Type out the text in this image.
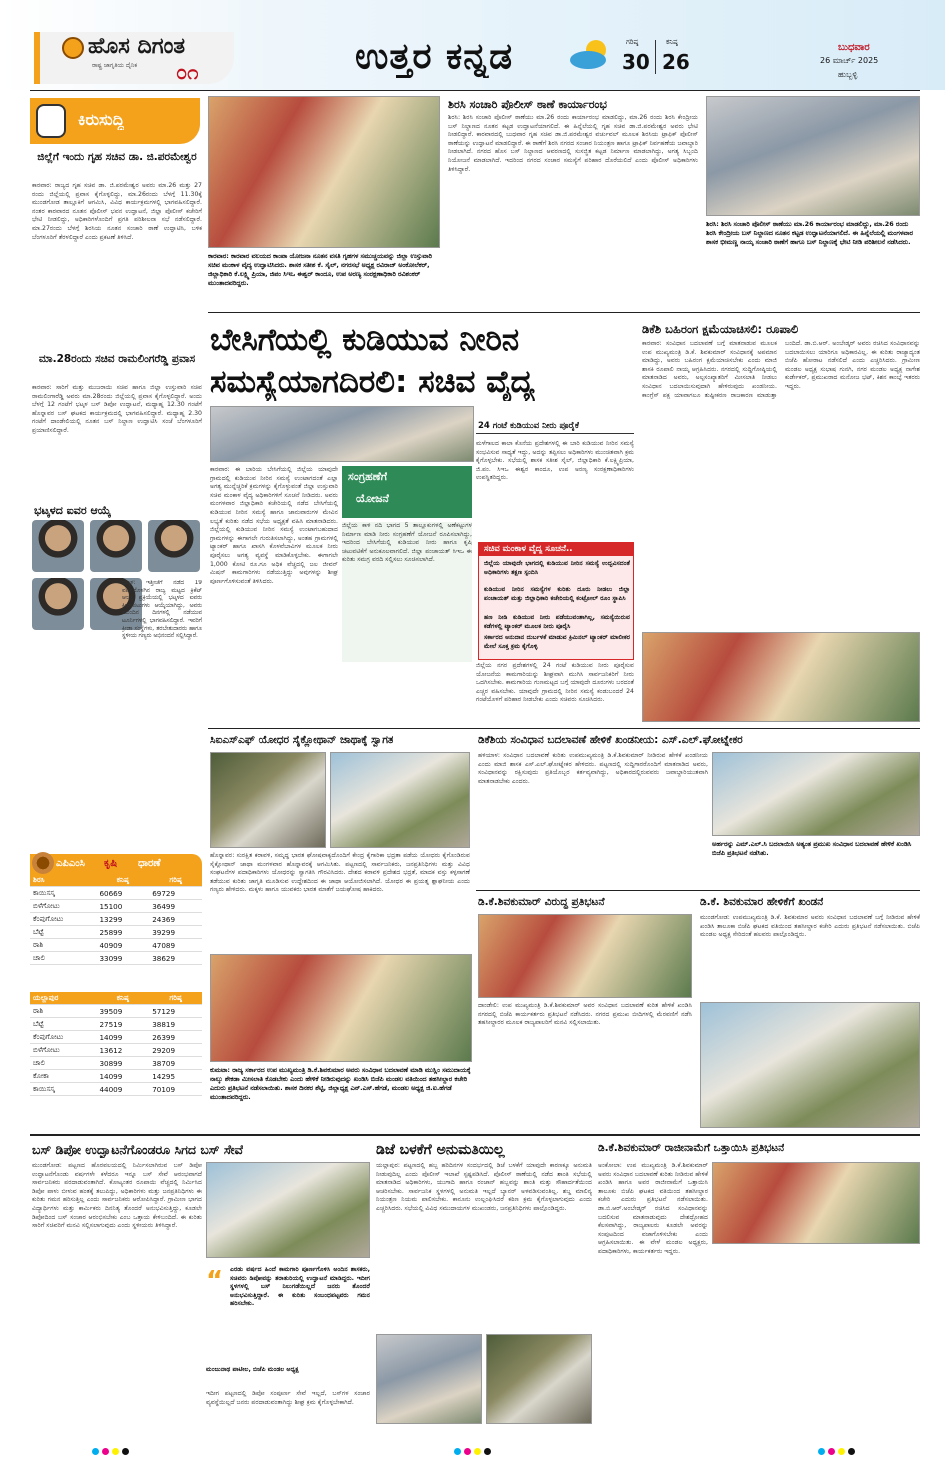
ಹೊಸ ದಿಗಂತ
ರಾಷ್ಟ್ರ ಜಾಗೃತಿಯ ದೈನಿಕ ೦೧	ಉತ್ತರ ಕನ್ನಡ	ಗರಿಷ್ಠ
30
ಕನಿಷ್ಠ
26
ಬುಧವಾರ
26 ಮಾರ್ಚ್ 2025
ಹುಬ್ಬಳ್ಳಿ
ಕಿರುಸುದ್ದಿ
ಜಿಲ್ಲೆಗೆ ಇಂದು ಗೃಹ ಸಚಿವ ಡಾ. ಜಿ.ಪರಮೇಶ್ವರ
ಕಾರವಾರ: ರಾಜ್ಯದ ಗೃಹ ಸಚಿವ ಡಾ. ಜಿ.ಪರಮೇಶ್ವರ ಅವರು ಮಾ.26 ಮತ್ತು 27 ರಂದು ಜಿಲ್ಲೆಯಲ್ಲಿ ಪ್ರವಾಸ ಕೈಗೊಳ್ಳಲಿದ್ದು, ಮಾ.26ರಂದು ಬೆಳಗ್ಗೆ 11.30ಕ್ಕೆ ಮುಂಡಗೋಡ ತಾಲ್ಲೂಕಿಗೆ ಆಗಮಿಸಿ, ವಿವಿಧ ಕಾರ್ಯಕ್ರಮಗಳಲ್ಲಿ ಭಾಗವಹಿಸಲಿದ್ದಾರೆ. ನಂತರ ಕಾರವಾರದ ನೂತನ ಪೊಲೀಸ್ ಭವನ ಉದ್ಘಾಟನೆ, ಜಿಲ್ಲಾ ಪೊಲೀಸ್ ಕಚೇರಿಗೆ ಭೇಟಿ ನೀಡಲಿದ್ದು, ಅಧಿಕಾರಿಗಳೊಂದಿಗೆ ಪ್ರಗತಿ ಪರಿಶೀಲನಾ ಸಭೆ ನಡೆಸಲಿದ್ದಾರೆ. ಮಾ.27ರಂದು ಬೆಳಗ್ಗೆ ಶಿರಸಿಯ ನೂತನ ಸಂಚಾರಿ ಠಾಣೆ ಉದ್ಘಾಟಿಸಿ, ಬಳಿಕ ಬೆಂಗಳೂರಿಗೆ ತೆರಳಲಿದ್ದಾರೆ ಎಂದು ಪ್ರಕಟಣೆ ತಿಳಿಸಿದೆ.
ಮಾ.28ರಂದು ಸಚಿವ ರಾಮಲಿಂಗರೆಡ್ಡಿ ಪ್ರವಾಸ
ಕಾರವಾರ: ಸಾರಿಗೆ ಮತ್ತು ಮುಜರಾಯಿ ಸಚಿವ ಹಾಗೂ ಜಿಲ್ಲಾ ಉಸ್ತುವಾರಿ ಸಚಿವ ರಾಮಲಿಂಗಾರೆಡ್ಡಿ ಅವರು ಮಾ.28ರಂದು ಜಿಲ್ಲೆಯಲ್ಲಿ ಪ್ರವಾಸ ಕೈಗೊಳ್ಳಲಿದ್ದಾರೆ. ಅಂದು ಬೆಳಗ್ಗೆ 12 ಗಂಟೆಗೆ ಭಟ್ಕಳ ಬಸ್ ಡಿಪೋ ಉದ್ಘಾಟನೆ, ಮಧ್ಯಾಹ್ನ 12.30 ಗಂಟೆಗೆ ಹೊನ್ನಾವರ ಬಸ್ ಘಟಕದ ಕಾರ್ಯಕ್ರಮದಲ್ಲಿ ಭಾಗವಹಿಸಲಿದ್ದಾರೆ. ಮಧ್ಯಾಹ್ನ 2.30 ಗಂಟೆಗೆ ದಾಂಡೇಲಿಯಲ್ಲಿ ನೂತನ ಬಸ್ ನಿಲ್ದಾಣ ಉದ್ಘಾಟಿಸಿ ಸಂಜೆ ಬೆಂಗಳೂರಿಗೆ ಪ್ರಯಾಣಿಸಲಿದ್ದಾರೆ.
ಭಟ್ಕಳದ ಐವರ ಆಯ್ಕೆ
ಭಟ್ಕಳ: ಇತ್ತೀಚೆಗೆ ನಡೆದ 19 ವರ್ಷದೊಳಗಿನ ರಾಜ್ಯ ಮಟ್ಟದ ಕ್ರಿಕೆಟ್ ಆಯ್ಕೆ ಪ್ರಕ್ರಿಯೆಯಲ್ಲಿ ಭಟ್ಕಳದ ಐವರು ಕ್ರೀಡಾಪಟುಗಳು ಆಯ್ಕೆಯಾಗಿದ್ದು, ಅವರು ಮುಂದಿನ ದಿನಗಳಲ್ಲಿ ನಡೆಯುವ ಟೂರ್ನಿಗಳಲ್ಲಿ ಭಾಗವಹಿಸಲಿದ್ದಾರೆ. ಇವರಿಗೆ ಕ್ರೀಡಾ ಸಂಸ್ಥೆಗಳು, ತರಬೇತುದಾರರು ಹಾಗೂ ಸ್ಥಳೀಯ ಗಣ್ಯರು ಅಭಿನಂದನೆ ಸಲ್ಲಿಸಿದ್ದಾರೆ.
ಎಪಿಎಂಸಿ ಕೃಷಿ ಧಾರಣೆ
ಶಿರಸಿ	ಕನಿಷ್ಠ	ಗರಿಷ್ಠ
ಕಾಯಿಸಸ್ಕ	60669	69729
ಬಿಳೆಗೋಟು	15100	36499
ಕೆಂಪುಗೋಟು	13299	24369
ಬೆಟ್ಟೆ	25899	39299
ರಾಶಿ	40909	47089
ಚಾಲಿ	33099	38629
ಯಲ್ಲಾಪುರ	ಕನಿಷ್ಠ	ಗರಿಷ್ಠ
ರಾಶಿ	39509	57129
ಬೆಟ್ಟೆ	27519	38819
ಕೆಂಪುಗೋಟು	14099	26399
ಬಿಳೆಗೋಟು	13612	29209
ಚಾಲಿ	30899	38709
ಕೋಕಾ	14099	14295
ಕಾಯಿಸಸ್ಕ	44009	70109
ಕಾರವಾರ: ಕಾರವಾರ ವಲಯದ ಕಾಂಪಾ ಯೋಜನಾ ನೂತನ ವಸತಿ ಗೃಹಗಳ ಸಮುಚ್ಚಯವನ್ನು ಜಿಲ್ಲಾ ಉಸ್ತುವಾರಿ ಸಚಿವ ಮಂಕಾಳ ವೈದ್ಯ ಉದ್ಘಾಟಿಸಿದರು. ಶಾಸಕ ಸತೀಶ ಕೆ. ಸೈಲ್, ನಗರಸಭೆ ಅಧ್ಯಕ್ಷ ರವಿರಾಜ್ ಅಂಕೋಲೆಕರ್, ಜಿಲ್ಲಾಧಿಕಾರಿ ಕೆ.ಲಕ್ಷ್ಮಿ ಪ್ರಿಯಾ, ಜಿಪಂ ಸಿಇಒ ಈಶ್ವರ್ ಕಾಂದೂ, ಉಪ ಅರಣ್ಯ ಸಂರಕ್ಷಣಾಧಿಕಾರಿ ರವಿಶಂಕರ್ ಮುಂತಾದವರಿದ್ದರು.
ಶಿರಸಿ ಸಂಚಾರಿ ಪೊಲೀಸ್ ಠಾಣೆ ಕಾರ್ಯಾರಂಭ
ಶಿರಸಿ: ಶಿರಸಿ ಸಂಚಾರಿ ಪೊಲೀಸ್ ಠಾಣೆಯು ಮಾ.26 ರಂದು ಕಾರ್ಯಾರಂಭ ಮಾಡಲಿದ್ದು, ಮಾ.26 ರಂದು ಶಿರಸಿ ಕೇಂದ್ರೀಯ ಬಸ್ ನಿಲ್ದಾಣದ ನೂತನ ಕಟ್ಟಡ ಉದ್ಘಾಟನೆಯಾಗಲಿದೆ. ಈ ಹಿನ್ನೆಲೆಯಲ್ಲಿ ಗೃಹ ಸಚಿವ ಡಾ.ಜಿ.ಪರಮೇಶ್ವರ ಅವರು ಭೇಟಿ ನೀಡಲಿದ್ದಾರೆ. ಕಾರವಾರದಲ್ಲಿ ಬುಧವಾರ ಗೃಹ ಸಚಿವ ಡಾ.ಜಿ.ಪರಮೇಶ್ವರ ವರ್ಚುವಲ್ ಮೂಲಕ ಶಿರಸಿಯ ಟ್ರಾಫಿಕ್ ಪೊಲೀಸ್ ಠಾಣೆಯನ್ನು ಉದ್ಘಾಟನೆ ಮಾಡಲಿದ್ದಾರೆ. ಈ ಠಾಣೆಗೆ ಶಿರಸಿ ನಗರದ ಸಂಚಾರ ನಿಯಂತ್ರಣ ಹಾಗೂ ಟ್ರಾಫಿಕ್ ನಿರ್ವಹಣೆಯ ಜವಾಬ್ದಾರಿ ನೀಡಲಾಗಿದೆ. ನಗರದ ಹೊಸ ಬಸ್ ನಿಲ್ದಾಣದ ಆವರಣದಲ್ಲಿ ಸುಸಜ್ಜಿತ ಕಟ್ಟಡ ನಿರ್ಮಾಣ ಮಾಡಲಾಗಿದ್ದು, ಅಗತ್ಯ ಸಿಬ್ಬಂದಿ ನಿಯೋಜನೆ ಮಾಡಲಾಗಿದೆ. ಇದರಿಂದ ನಗರದ ಸಂಚಾರ ಸಮಸ್ಯೆಗೆ ಪರಿಹಾರ ದೊರೆಯಲಿದೆ ಎಂದು ಪೊಲೀಸ್ ಅಧಿಕಾರಿಗಳು ತಿಳಿಸಿದ್ದಾರೆ.
ಶಿರಸಿ: ಶಿರಸಿ ಸಂಚಾರಿ ಪೊಲೀಸ್ ಠಾಣೆಯು ಮಾ.26 ಕಾರ್ಯಾರಂಭ ಮಾಡಲಿದ್ದು, ಮಾ.26 ರಂದು ಶಿರಸಿ ಕೇಂದ್ರೀಯ ಬಸ್ ನಿಲ್ದಾಣದ ನೂತನ ಕಟ್ಟಡ ಉದ್ಘಾಟನೆಯಾಗಲಿದೆ. ಈ ಹಿನ್ನೆಲೆಯಲ್ಲಿ ಮಂಗಳವಾರ ಶಾಸಕ ಭೀಮಣ್ಣ ನಾಯ್ಕ ಸಂಚಾರಿ ಠಾಣೆಗೆ ಹಾಗೂ ಬಸ್ ನಿಲ್ದಾಣಕ್ಕೆ ಭೇಟಿ ನೀಡಿ ಪರಿಶೀಲನೆ ನಡೆಸಿದರು.
ಬೇಸಿಗೆಯಲ್ಲಿ ಕುಡಿಯುವ ನೀರಿನ
ಸಮಸ್ಯೆಯಾಗದಿರಲಿ: ಸಚಿವ ವೈದ್ಯ
24 ಗಂಟೆ ಕುಡಿಯುವ ನೀರು ಪೂರೈಕೆ
ಕಾರವಾರ: ಈ ಬಾರಿಯ ಬೇಸಿಗೆಯಲ್ಲಿ ಜಿಲ್ಲೆಯ ಯಾವುದೇ ಗ್ರಾಮದಲ್ಲಿ ಕುಡಿಯುವ ನೀರಿನ ಸಮಸ್ಯೆ ಉಂಟಾಗದಂತೆ ಎಲ್ಲಾ ಅಗತ್ಯ ಮುನ್ನೆಚ್ಚರಿಕೆ ಕ್ರಮಗಳನ್ನು ಕೈಗೊಳ್ಳುವಂತೆ ಜಿಲ್ಲಾ ಉಸ್ತುವಾರಿ ಸಚಿವ ಮಂಕಾಳ ವೈದ್ಯ ಅಧಿಕಾರಿಗಳಿಗೆ ಸೂಚನೆ ನೀಡಿದರು. ಅವರು ಮಂಗಳವಾರ ಜಿಲ್ಲಾಧಿಕಾರಿ ಕಚೇರಿಯಲ್ಲಿ ನಡೆದ ಬೇಸಿಗೆಯಲ್ಲಿ ಕುಡಿಯುವ ನೀರಿನ ಸಮಸ್ಯೆ ಹಾಗೂ ಜಾನುವಾರುಗಳ ಮೇವಿನ ಲಭ್ಯತೆ ಕುರಿತು ನಡೆದ ಸಭೆಯ ಅಧ್ಯಕ್ಷತೆ ವಹಿಸಿ ಮಾತನಾಡಿದರು. ಜಿಲ್ಲೆಯಲ್ಲಿ ಕುಡಿಯುವ ನೀರಿನ ಸಮಸ್ಯೆ ಉಂಟಾಗಬಹುದಾದ ಗ್ರಾಮಗಳನ್ನು ಈಗಾಗಲೇ ಗುರುತಿಸಲಾಗಿದ್ದು, ಅಂತಹ ಗ್ರಾಮಗಳಲ್ಲಿ ಟ್ಯಾಂಕರ್ ಹಾಗೂ ಖಾಸಗಿ ಕೊಳವೆಬಾವಿಗಳ ಮೂಲಕ ನೀರು ಪೂರೈಸಲು ಅಗತ್ಯ ವ್ಯವಸ್ಥೆ ಮಾಡಿಕೊಳ್ಳಬೇಕು. ಈಗಾಗಲೇ 1,000 ಕೋಟಿ ರೂ.ಗೂ ಅಧಿಕ ವೆಚ್ಚದಲ್ಲಿ ಜಲ ಜೀವನ್ ಮಿಷನ್ ಕಾಮಗಾರಿಗಳು ನಡೆಯುತ್ತಿದ್ದು ಅವುಗಳನ್ನು ಶೀಘ್ರ ಪೂರ್ಣಗೊಳಿಸುವಂತೆ ತಿಳಿಸಿದರು.
ಸಂಗ್ರಹಣೆಗೆ
ಯೋಜನೆ
ಜಿಲ್ಲೆಯ ಕಾಳಿ ನದಿ ಭಾಗದ 5 ತಾಲ್ಲೂಕುಗಳಲ್ಲಿ ಅಣೆಕಟ್ಟುಗಳ ನಿರ್ಮಾಣ ಮಾಡಿ ನೀರು ಸಂಗ್ರಹಣೆಗೆ ಯೋಜನೆ ರೂಪಿಸಲಾಗಿದ್ದು, ಇದರಿಂದ ಬೇಸಿಗೆಯಲ್ಲಿ ಕುಡಿಯುವ ನೀರು ಹಾಗೂ ಕೃಷಿ ಚಟುವಟಿಕೆಗೆ ಅನುಕೂಲವಾಗಲಿದೆ. ಜಿಲ್ಲಾ ಪಂಚಾಯತ್ ಸಿಇಒ ಈ ಕುರಿತು ಸಮಗ್ರ ವರದಿ ಸಲ್ಲಿಸಲು ಸೂಚಿಸಲಾಗಿದೆ.
ಮಳೆಗಾಲದ ಕಾಲಾ ಕೊನೆಯ ಪ್ರದೇಶಗಳಲ್ಲಿ ಈ ಬಾರಿ ಕುಡಿಯುವ ನೀರಿನ ಸಮಸ್ಯೆ ಸಂಭವಿಸುವ ಸಾಧ್ಯತೆ ಇದ್ದು, ಅದನ್ನು ತಪ್ಪಿಸಲು ಅಧಿಕಾರಿಗಳು ಮುಂಚಿತವಾಗಿ ಕ್ರಮ ಕೈಗೊಳ್ಳಬೇಕು. ಸಭೆಯಲ್ಲಿ ಶಾಸಕ ಸತೀಶ ಸೈಲ್, ಜಿಲ್ಲಾಧಿಕಾರಿ ಕೆ.ಲಕ್ಷ್ಮಿಪ್ರಿಯಾ, ಜಿ.ಪಂ. ಸಿಇಒ ಈಶ್ವರ ಕಾಂದೂ, ಉಪ ಅರಣ್ಯ ಸಂರಕ್ಷಣಾಧಿಕಾರಿಗಳು ಉಪಸ್ಥಿತರಿದ್ದರು.
ಜಿಲ್ಲೆಯ ನಗರ ಪ್ರದೇಶಗಳಲ್ಲಿ 24 ಗಂಟೆ ಕುಡಿಯುವ ನೀರು ಪೂರೈಸುವ ಯೋಜನೆಯ ಕಾಮಗಾರಿಯನ್ನು ಶೀಘ್ರವಾಗಿ ಮುಗಿಸಿ ಸಾರ್ವಜನಿಕರಿಗೆ ನೀರು ಒದಗಿಸಬೇಕು. ಕಾಮಗಾರಿಯ ಗುಣಮಟ್ಟದ ಬಗ್ಗೆ ಯಾವುದೇ ದೂರುಗಳು ಬರದಂತೆ ಎಚ್ಚರ ವಹಿಸಬೇಕು. ಯಾವುದೇ ಗ್ರಾಮದಲ್ಲಿ ನೀರಿನ ಸಮಸ್ಯೆ ಕಂಡುಬಂದರೆ 24 ಗಂಟೆಯೊಳಗೆ ಪರಿಹಾರ ನೀಡಬೇಕು ಎಂದು ಸಚಿವರು ಸೂಚಿಸಿದರು.
ಸಚಿವ ಮಂಕಾಳ ವೈದ್ಯ ಸೂಚನೆ..
ಜಿಲ್ಲೆಯ ಯಾವುದೇ ಭಾಗದಲ್ಲಿ ಕುಡಿಯುವ ನೀರಿನ ಸಮಸ್ಯೆ ಉದ್ಭವಿಸದಂತೆ ಅಧಿಕಾರಿಗಳು ತಕ್ಷಣ ಸ್ಪಂದಿಸಿ
ಕುಡಿಯುವ ನೀರಿನ ಸಮಸ್ಯೆಗಳ ಕುರಿತು ದೂರು ನೀಡಲು ಜಿಲ್ಲಾ ಪಂಚಾಯತ್ ಮತ್ತು ಜಿಲ್ಲಾಧಿಕಾರಿ ಕಚೇರಿಯಲ್ಲಿ ಕಂಟ್ರೋಲ್ ರೂಂ ಸ್ಥಾಪಿಸಿ
ಹಣ ನೀಡಿ ಕುಡಿಯುವ ನೀರು ಪಡೆಯುವಂತಾಗಿಲ್ಲ, ಸಮಸ್ಯೆಯಿರುವ ಕಡೆಗಳಲ್ಲಿ ಟ್ಯಾಂಕರ್ ಮೂಲಕ ನೀರು ಪೂರೈಸಿ
ಸರ್ಕಾರದ ಅನುದಾನ ದುರ್ಬಳಕೆ ಮಾಡುವ ಕ್ರಿಮಿನಲ್ ಟ್ಯಾಂಕರ್ ಮಾಲೀಕರ ಮೇಲೆ ಸೂಕ್ತ ಕ್ರಮ ಕೈಗೊಳ್ಳಿ
ಡಿಕೆಶಿ ಬಹಿರಂಗ ಕ್ಷಮೆಯಾಚಿಸಲಿ: ರೂಪಾಲಿ
ಕಾರವಾರ: ಸಂವಿಧಾನ ಬದಲಾವಣೆ ಬಗ್ಗೆ ಮಾತನಾಡುವ ಮೂಲಕ ಉಪ ಮುಖ್ಯಮಂತ್ರಿ ಡಿ.ಕೆ. ಶಿವಕುಮಾರ್ ಸಂವಿಧಾನಕ್ಕೆ ಅಪಮಾನ ಮಾಡಿದ್ದು, ಅವರು ಬಹಿರಂಗ ಕ್ಷಮೆಯಾಚಿಸಬೇಕು ಎಂದು ಮಾಜಿ ಶಾಸಕಿ ರೂಪಾಲಿ ನಾಯ್ಕ ಆಗ್ರಹಿಸಿದರು. ನಗರದಲ್ಲಿ ಸುದ್ದಿಗೋಷ್ಠಿಯಲ್ಲಿ ಮಾತನಾಡಿದ ಅವರು, ಅಲ್ಪಸಂಖ್ಯಾತರಿಗೆ ಮೀಸಲಾತಿ ನೀಡಲು ಸಂವಿಧಾನ ಬದಲಾಯಿಸುವುದಾಗಿ ಹೇಳಿರುವುದು ಖಂಡನೀಯ. ಕಾಂಗ್ರೆಸ್ ಪಕ್ಷ ಯಾವಾಗಲೂ ತುಷ್ಟೀಕರಣ ರಾಜಕಾರಣ ಮಾಡುತ್ತಾ ಬಂದಿದೆ. ಡಾ.ಬಿ.ಆರ್. ಅಂಬೇಡ್ಕರ್ ಅವರು ರಚಿಸಿದ ಸಂವಿಧಾನವನ್ನು ಬದಲಾಯಿಸಲು ಯಾರಿಗೂ ಅಧಿಕಾರವಿಲ್ಲ. ಈ ಕುರಿತು ರಾಜ್ಯಾದ್ಯಂತ ಬಿಜೆಪಿ ಹೋರಾಟ ನಡೆಸಲಿದೆ ಎಂದು ಎಚ್ಚರಿಸಿದರು. ಗ್ರಾಮೀಣ ಮಂಡಲ ಅಧ್ಯಕ್ಷ ಸುಭಾಷ ಗುನಗಿ, ನಗರ ಮಂಡಲ ಅಧ್ಯಕ್ಷ ನಾಗೇಶ ಕುರ್ಡೇಕರ್, ಪ್ರಮುಖರಾದ ಮನೋಜ ಭಟ್, ಕಿಶನ ಕಾಂಬ್ಳೆ ಇತರರು ಇದ್ದರು.
ಸಿಐಎಸ್‌ಎಫ್ ಯೋಧರ ಸೈಕ್ಲೋಥಾನ್ ಜಾಥಾಕ್ಕೆ ಸ್ವಾಗತ
ಹೊನ್ನಾವರ: ಸುರಕ್ಷಿತ ಕರಾವಳಿ, ಸಮೃದ್ಧ ಭಾರತ ಘೋಷವಾಕ್ಯದೊಂದಿಗೆ ಕೇಂದ್ರ ಕೈಗಾರಿಕಾ ಭದ್ರತಾ ಪಡೆಯ ಯೋಧರು ಕೈಗೊಂಡಿರುವ ಸೈಕ್ಲೋಥಾನ್ ಜಾಥಾ ಮಂಗಳವಾರ ಹೊನ್ನಾವರಕ್ಕೆ ಆಗಮಿಸಿತು. ಪಟ್ಟಣದಲ್ಲಿ ಸಾರ್ವಜನಿಕರು, ಜನಪ್ರತಿನಿಧಿಗಳು ಮತ್ತು ವಿವಿಧ ಸಂಘಟನೆಗಳ ಪದಾಧಿಕಾರಿಗಳು ಯೋಧರನ್ನು ಸ್ವಾಗತಿಸಿ ಗೌರವಿಸಿದರು. ದೇಶದ ಕರಾವಳಿ ಪ್ರದೇಶದ ಭದ್ರತೆ, ಮಾದಕ ವಸ್ತು ಕಳ್ಳಸಾಗಣೆ ತಡೆಯುವ ಕುರಿತು ಜಾಗೃತಿ ಮೂಡಿಸುವ ಉದ್ದೇಶದಿಂದ ಈ ಜಾಥಾ ಆಯೋಜಿಸಲಾಗಿದೆ. ಯೋಧರ ಈ ಪ್ರಯತ್ನ ಶ್ಲಾಘನೀಯ ಎಂದು ಗಣ್ಯರು ಹೇಳಿದರು. ಮಕ್ಕಳು ಹಾಗೂ ಯುವಕರು ಭಾರತ ಮಾತೆಗೆ ಜಯಘೋಷ ಹಾಕಿದರು.
ಡಿಕೆಶಿಯ ಸಂವಿಧಾನ ಬದಲಾವಣೆ ಹೇಳಿಕೆ ಖಂಡನೀಯ: ಎಸ್.ಎಲ್.ಘೋಟ್ನೇಕರ
ಹಳಿಯಾಳ: ಸಂವಿಧಾನ ಬದಲಾವಣೆ ಕುರಿತು ಉಪಮುಖ್ಯಮಂತ್ರಿ ಡಿ.ಕೆ.ಶಿವಕುಮಾರ್ ನೀಡಿರುವ ಹೇಳಿಕೆ ಖಂಡನೀಯ ಎಂದು ಮಾಜಿ ಶಾಸಕ ಎಸ್.ಎಲ್.ಘೋಟ್ನೇಕರ ಹೇಳಿದರು. ಪಟ್ಟಣದಲ್ಲಿ ಸುದ್ದಿಗಾರರೊಂದಿಗೆ ಮಾತನಾಡಿದ ಅವರು, ಸಂವಿಧಾನವನ್ನು ರಕ್ಷಿಸುವುದು ಪ್ರತಿಯೊಬ್ಬರ ಕರ್ತವ್ಯವಾಗಿದ್ದು, ಅಧಿಕಾರದಲ್ಲಿರುವವರು ಜವಾಬ್ದಾರಿಯುತವಾಗಿ ಮಾತನಾಡಬೇಕು ಎಂದರು.
ಅರ್ಹರನ್ನು ಎಮ್.ಎಲ್.ಸಿ ಬದಲಾಯಿಸಿ ಅತ್ಯಂತ ಪ್ರಮುಖ ಸಂವಿಧಾನ ಬದಲಾವಣೆ ಹೇಳಿಕೆ ಖಂಡಿಸಿ ಬಿಜೆಪಿ ಪ್ರತಿಭಟನೆ ನಡೆಸಿತು.
ಡಿ.ಕೆ.ಶಿವಕುಮಾರ್ ವಿರುದ್ಧ ಪ್ರತಿಭಟನೆ
ದಾಂಡೇಲಿ: ಉಪ ಮುಖ್ಯಮಂತ್ರಿ ಡಿ.ಕೆ.ಶಿವಕುಮಾರ್ ಅವರ ಸಂವಿಧಾನ ಬದಲಾವಣೆ ಕುರಿತ ಹೇಳಿಕೆ ಖಂಡಿಸಿ ನಗರದಲ್ಲಿ ಬಿಜೆಪಿ ಕಾರ್ಯಕರ್ತರು ಪ್ರತಿಭಟನೆ ನಡೆಸಿದರು. ನಗರದ ಪ್ರಮುಖ ಬೀದಿಗಳಲ್ಲಿ ಮೆರವಣಿಗೆ ನಡೆಸಿ ತಹಸೀಲ್ದಾರರ ಮೂಲಕ ರಾಜ್ಯಪಾಲರಿಗೆ ಮನವಿ ಸಲ್ಲಿಸಲಾಯಿತು.
ಡಿ.ಕೆ. ಶಿವಕುಮಾರ ಹೇಳಿಕೆಗೆ ಖಂಡನೆ
ಮುಂಡಗೋಡ: ಉಪಮುಖ್ಯಮಂತ್ರಿ ಡಿ.ಕೆ. ಶಿವಕುಮಾರ ಅವರು ಸಂವಿಧಾನ ಬದಲಾವಣೆ ಬಗ್ಗೆ ನೀಡಿರುವ ಹೇಳಿಕೆ ಖಂಡಿಸಿ ತಾಲೂಕಾ ಬಿಜೆಪಿ ಘಟಕದ ವತಿಯಿಂದ ತಹಸೀಲ್ದಾರ ಕಚೇರಿ ಎದುರು ಪ್ರತಿಭಟನೆ ನಡೆಸಲಾಯಿತು. ಬಿಜೆಪಿ ಮಂಡಲ ಅಧ್ಯಕ್ಷ ಸೇರಿದಂತೆ ಹಲವರು ಪಾಲ್ಗೊಂಡಿದ್ದರು.
ಕುಮಟಾ: ರಾಜ್ಯ ಸರ್ಕಾರದ ಉಪ ಮುಖ್ಯಮಂತ್ರಿ ಡಿ.ಕೆ.ಶಿವಕುಮಾರ ಅವರು ಸಂವಿಧಾನ ಬದಲಾವಣೆ ಮಾಡಿ ಮುಸ್ಲಿಂ ಸಮುದಾಯಕ್ಕೆ ನಾಲ್ಕು ಶೇಕಡಾ ಮೀಸಲಾತಿ ಕೊಡಬೇಕು ಎಂದು ಹೇಳಿಕೆ ನೀಡಿರುವುದನ್ನು ಖಂಡಿಸಿ ಬಿಜೆಪಿ ಮಂಡಲ ವತಿಯಿಂದ ತಹಸೀಲ್ದಾರ ಕಚೇರಿ ಎದುರು ಪ್ರತಿಭಟನೆ ನಡೆಸಲಾಯಿತು. ಶಾಸಕ ದಿನಕರ ಶೆಟ್ಟಿ, ಜಿಲ್ಲಾಧ್ಯಕ್ಷ ಎನ್.ಎಸ್.ಹೆಗಡೆ, ಮಂಡಲ ಅಧ್ಯಕ್ಷ ಜಿ.ಐ.ಹೆಗಡೆ ಮುಂತಾದವರಿದ್ದರು.
ಬಸ್ ಡಿಪೋ ಉದ್ಘಾಟನೆಗೊಂಡರೂ ಸಿಗದ ಬಸ್ ಸೇವೆ
ಮುಂಡಗೋಡ: ಪಟ್ಟಣದ ಹೊರವಲಯದಲ್ಲಿ ನಿರ್ಮಿಸಲಾಗಿರುವ ಬಸ್ ಡಿಪೋ ಉದ್ಘಾಟನೆಗೊಂಡು ವರ್ಷಗಳೇ ಕಳೆದರೂ ಇನ್ನೂ ಬಸ್ ಸೇವೆ ಆರಂಭವಾಗದೆ ಸಾರ್ವಜನಿಕರು ಪರದಾಡುವಂತಾಗಿದೆ. ಕೋಟ್ಯಂತರ ರೂಪಾಯಿ ವೆಚ್ಚದಲ್ಲಿ ನಿರ್ಮಿಸಿದ ಡಿಪೋ ಪಾಳು ಬೀಳುವ ಹಂತಕ್ಕೆ ತಲುಪಿದ್ದು, ಅಧಿಕಾರಿಗಳು ಮತ್ತು ಜನಪ್ರತಿನಿಧಿಗಳು ಈ ಕುರಿತು ಗಮನ ಹರಿಸುತ್ತಿಲ್ಲ ಎಂದು ಸಾರ್ವಜನಿಕರು ಆರೋಪಿಸಿದ್ದಾರೆ. ಗ್ರಾಮೀಣ ಭಾಗದ ವಿದ್ಯಾರ್ಥಿಗಳು ಮತ್ತು ಕಾರ್ಮಿಕರು ದಿನನಿತ್ಯ ತೊಂದರೆ ಅನುಭವಿಸುತ್ತಿದ್ದು, ಕೂಡಲೇ ಡಿಪೋದಿಂದ ಬಸ್ ಸಂಚಾರ ಆರಂಭಿಸಬೇಕು ಎಂಬ ಒತ್ತಾಯ ಕೇಳಿಬಂದಿದೆ. ಈ ಕುರಿತು ಸಾರಿಗೆ ಸಚಿವರಿಗೆ ಮನವಿ ಸಲ್ಲಿಸಲಾಗುವುದು ಎಂದು ಸ್ಥಳೀಯರು ತಿಳಿಸಿದ್ದಾರೆ.
“ ಎರಡು ವರ್ಷದ ಹಿಂದೆ ಕಾಮಗಾರಿ ಪೂರ್ಣಗೊಳಿಸಿ ಅಂದಿನ ಶಾಸಕರು, ಸಚಿವರು ಡಿಪೋವನ್ನು ತರಾತುರಿಯಲ್ಲಿ ಉದ್ಘಾಟನೆ ಮಾಡಿದ್ದರು. ಇದೀಗ ಸ್ಥಳಗಳಲ್ಲಿ ಬಸ್ ನಿಲುಗಡೆಯಿಲ್ಲದೆ ಜನರು ತೊಂದರೆ ಅನುಭವಿಸುತ್ತಿದ್ದಾರೆ. ಈ ಕುರಿತು ಸಂಬಂಧಪಟ್ಟವರು ಗಮನ ಹರಿಸಬೇಕು.
ಮಂಜುನಾಥ ಪಾಟೀಲ, ಬಿಜೆಪಿ ಮಂಡಲ ಅಧ್ಯಕ್ಷ
ಇದೀಗ ಪಟ್ಟಣದಲ್ಲಿ ಡಿಪೋ ಸಂಪೂರ್ಣ ಸೇವೆ ಇಲ್ಲದೆ, ಬಸ್‌ಗಳ ಸಂಚಾರ ವ್ಯವಸ್ಥೆಯಿಲ್ಲದೆ ಜನರು ಪರದಾಡುವಂತಾಗಿದ್ದು ಶೀಘ್ರ ಕ್ರಮ ಕೈಗೊಳ್ಳಬೇಕಾಗಿದೆ.
ಡಿಜೆ ಬಳಕೆಗೆ ಅನುಮತಿಯಿಲ್ಲ
ಯಲ್ಲಾಪುರ: ಪಟ್ಟಣದಲ್ಲಿ ಹಬ್ಬ ಹರಿದಿನಗಳ ಸಂದರ್ಭದಲ್ಲಿ ಡಿಜೆ ಬಳಕೆಗೆ ಯಾವುದೇ ಕಾರಣಕ್ಕೂ ಅನುಮತಿ ನೀಡುವುದಿಲ್ಲ ಎಂದು ಪೊಲೀಸ್ ಇಲಾಖೆ ಸ್ಪಷ್ಟಪಡಿಸಿದೆ. ಪೊಲೀಸ್ ಠಾಣೆಯಲ್ಲಿ ನಡೆದ ಶಾಂತಿ ಸಭೆಯಲ್ಲಿ ಮಾತನಾಡಿದ ಅಧಿಕಾರಿಗಳು, ಯುಗಾದಿ ಹಾಗೂ ರಂಜಾನ್ ಹಬ್ಬವನ್ನು ಶಾಂತಿ ಮತ್ತು ಸೌಹಾರ್ದತೆಯಿಂದ ಆಚರಿಸಬೇಕು. ಸಾರ್ವಜನಿಕ ಸ್ಥಳಗಳಲ್ಲಿ ಅನುಮತಿ ಇಲ್ಲದೆ ಬ್ಯಾನರ್ ಅಳವಡಿಸುವಂತಿಲ್ಲ. ಶಬ್ದ ಮಾಲಿನ್ಯ ನಿಯಂತ್ರಣ ನಿಯಮ ಪಾಲಿಸಬೇಕು. ಕಾನೂನು ಉಲ್ಲಂಘಿಸಿದರೆ ಕಠಿಣ ಕ್ರಮ ಕೈಗೊಳ್ಳಲಾಗುವುದು ಎಂದು ಎಚ್ಚರಿಸಿದರು. ಸಭೆಯಲ್ಲಿ ವಿವಿಧ ಸಮುದಾಯಗಳ ಮುಖಂಡರು, ಜನಪ್ರತಿನಿಧಿಗಳು ಪಾಲ್ಗೊಂಡಿದ್ದರು.
ಡಿ.ಕೆ.ಶಿವಕುಮಾರ್ ರಾಜೀನಾಮೆಗೆ ಒತ್ತಾಯಿಸಿ ಪ್ರತಿಭಟನೆ
ಅಂಕೋಲಾ: ಉಪ ಮುಖ್ಯಮಂತ್ರಿ ಡಿ.ಕೆ.ಶಿವಕುಮಾರ್ ಅವರು ಸಂವಿಧಾನ ಬದಲಾವಣೆ ಕುರಿತು ನೀಡಿರುವ ಹೇಳಿಕೆ ಖಂಡಿಸಿ ಹಾಗೂ ಅವರ ರಾಜೀನಾಮೆಗೆ ಒತ್ತಾಯಿಸಿ ತಾಲೂಕು ಬಿಜೆಪಿ ಘಟಕದ ವತಿಯಿಂದ ತಹಸೀಲ್ದಾರ ಕಚೇರಿ ಎದುರು ಪ್ರತಿಭಟನೆ ನಡೆಸಲಾಯಿತು. ಡಾ.ಬಿ.ಆರ್.ಅಂಬೇಡ್ಕರ್ ರಚಿಸಿದ ಸಂವಿಧಾನವನ್ನು ಬದಲಿಸುವ ಮಾತನಾಡುವುದು ದೇಶದ್ರೋಹದ ಕೆಲಸವಾಗಿದ್ದು, ರಾಜ್ಯಪಾಲರು ಕೂಡಲೇ ಅವರನ್ನು ಸಂಪುಟದಿಂದ ವಜಾಗೊಳಿಸಬೇಕು ಎಂದು ಆಗ್ರಹಿಸಲಾಯಿತು. ಈ ವೇಳೆ ಮಂಡಲ ಅಧ್ಯಕ್ಷರು, ಪದಾಧಿಕಾರಿಗಳು, ಕಾರ್ಯಕರ್ತರು ಇದ್ದರು.
